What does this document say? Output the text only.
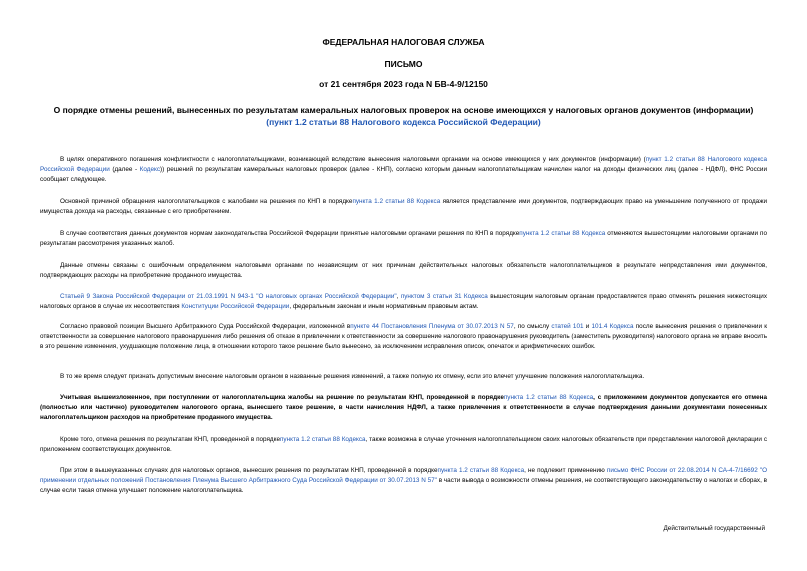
ФЕДЕРАЛЬНАЯ НАЛОГОВАЯ СЛУЖБА
ПИСЬМО
от 21 сентября 2023 года N БВ-4-9/12150
О порядке отмены решений, вынесенных по результатам камеральных налоговых проверок на основе имеющихся у налоговых органов документов (информации)
(пункт 1.2 статьи 88 Налогового кодекса Российской Федерации)

В целях оперативного погашения конфликтности с налогоплательщиками, возникающей вследствие вынесения налоговыми органами на основе имеющихся у них документов (информации) (пункт 1.2 статьи 88 Налогового кодекса Российской Федерации (далее - Кодекс)) решений по результатам камеральных налоговых проверок (далее - КНП), согласно которым данным налогоплательщикам начислен налог на доходы физических лиц (далее - НДФЛ), ФНС России сообщает следующее.

Основной причиной обращения налогоплательщиков с жалобами на решения по КНП в порядкепункта 1.2 статьи 88 Кодекса является представление ими документов, подтверждающих право на уменьшение полученного от продажи имущества дохода на расходы, связанные с его приобретением.

В случае соответствия данных документов нормам законодательства Российской Федерации принятые налоговыми органами решения по КНП в порядкепункта 1.2 статьи 88 Кодекса отменяются вышестоящими налоговыми органами по результатам рассмотрения указанных жалоб.

Данные отмены связаны с ошибочным определением налоговыми органами по независящим от них причинам действительных налоговых обязательств налогоплательщиков в результате непредставления ими документов, подтверждающих расходы на приобретение проданного имущества.

Статьей 9 Закона Российской Федерации от 21.03.1991 N 943-1 "О налоговых органах Российской Федерации", пунктом 3 статьи 31 Кодекса вышестоящим налоговым органам предоставляется право отменять решения нижестоящих налоговых органов в случае их несоответствия Конституции Российской Федерации, федеральным законам и иным нормативным правовым актам.

Согласно правовой позиции Высшего Арбитражного Суда Российской Федерации, изложенной впункте 44 Постановления Пленума от 30.07.2013 N 57, по смыслу статей 101 и 101.4 Кодекса после вынесения решения о привлечении к ответственности за совершение налогового правонарушения либо решения об отказе в привлечении к ответственности за совершение налогового правонарушения руководитель (заместитель руководителя) налогового органа не вправе вносить в это решение изменения, ухудшающие положение лица, в отношении которого такое решение было вынесено, за исключением исправления описок, опечаток и арифметических ошибок.

В то же время следует признать допустимым внесение налоговым органом в названные решения изменений, а также полную их отмену, если это влечет улучшение положения налогоплательщика.

Учитывая вышеизложенное, при поступлении от налогоплательщика жалобы на решение по результатам КНП, проведенной в порядкепункта 1.2 статьи 88 Кодекса, с приложением документов допускается его отмена (полностью или частично) руководителем налогового органа, вынесшего такое решение, в части начисления НДФЛ, а также привлечения к ответственности в случае подтверждения данными документами понесенных налогоплательщиком расходов на приобретение проданного имущества.

Кроме того, отмена решения по результатам КНП, проведенной в порядкепункта 1.2 статьи 88 Кодекса, также возможна в случае уточнения налогоплательщиком своих налоговых обязательств при представлении налоговой декларации с приложением соответствующих документов.

При этом в вышеуказанных случаях для налоговых органов, вынесших решения по результатам КНП, проведенной в порядкепункта 1.2 статьи 88 Кодекса, не подлежит применению письмо ФНС России от 22.08.2014 N СА-4-7/16692 "О применении отдельных положений Постановления Пленума Высшего Арбитражного Суда Российской Федерации от 30.07.2013 N 57" в части вывода о возможности отмены решения, не соответствующего законодательству о налогах и сборах, в случае если такая отмена улучшает положение налогоплательщика.

Действительный государственный
